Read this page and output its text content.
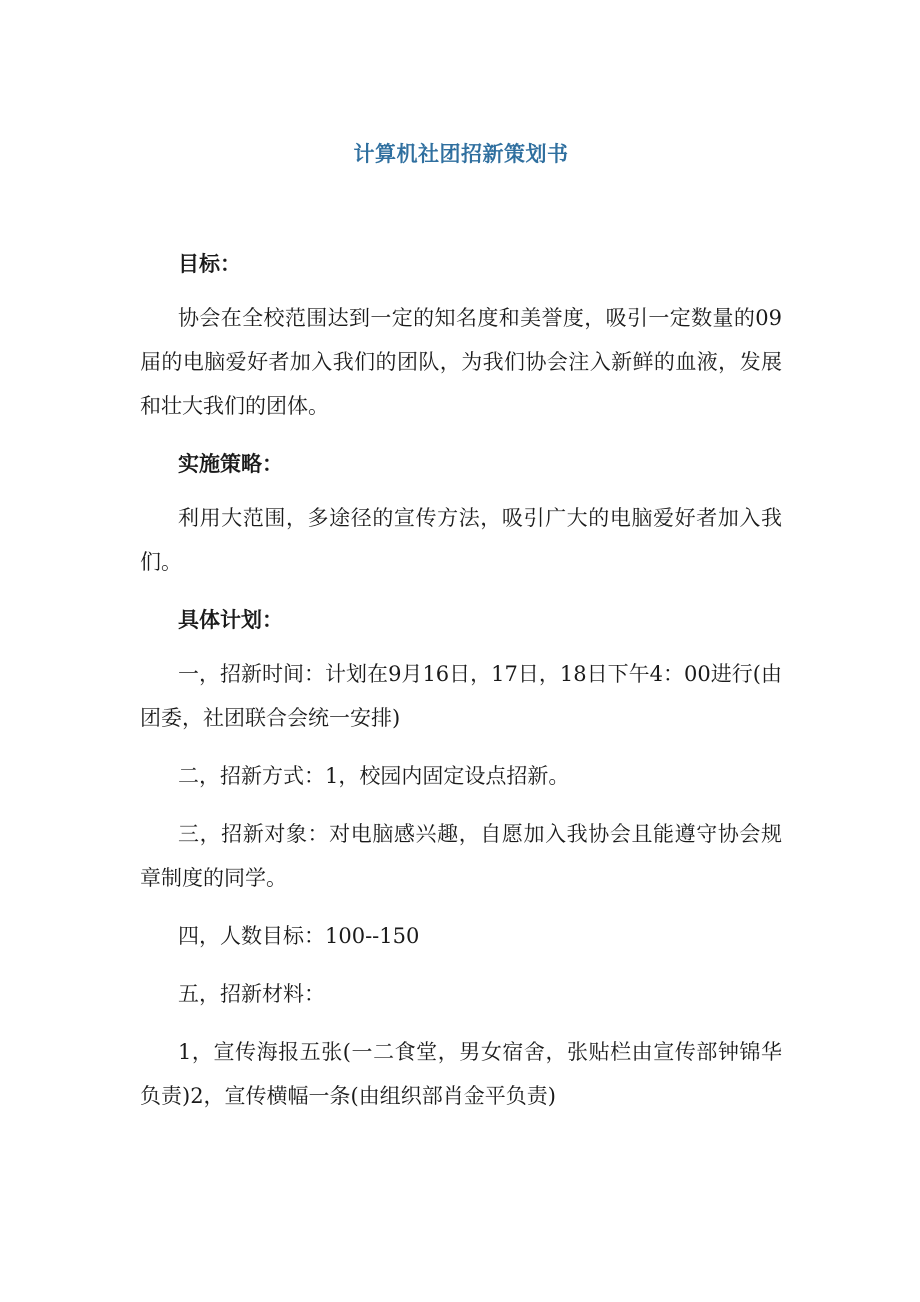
计算机社团招新策划书
目标：
协会在全校范围达到一定的知名度和美誉度，吸引一定数量的09届的电脑爱好者加入我们的团队，为我们协会注入新鲜的血液，发展和壮大我们的团体。
实施策略：
利用大范围，多途径的宣传方法，吸引广大的电脑爱好者加入我们。
具体计划：
一，招新时间：计划在9月16日，17日，18日下午4：00进行(由团委，社团联合会统一安排)
二，招新方式：1，校园内固定设点招新。
三，招新对象：对电脑感兴趣，自愿加入我协会且能遵守协会规章制度的同学。
四，人数目标：100--150
五，招新材料：
1，宣传海报五张(一二食堂，男女宿舍，张贴栏由宣传部钟锦华负责)2，宣传横幅一条(由组织部肖金平负责)
